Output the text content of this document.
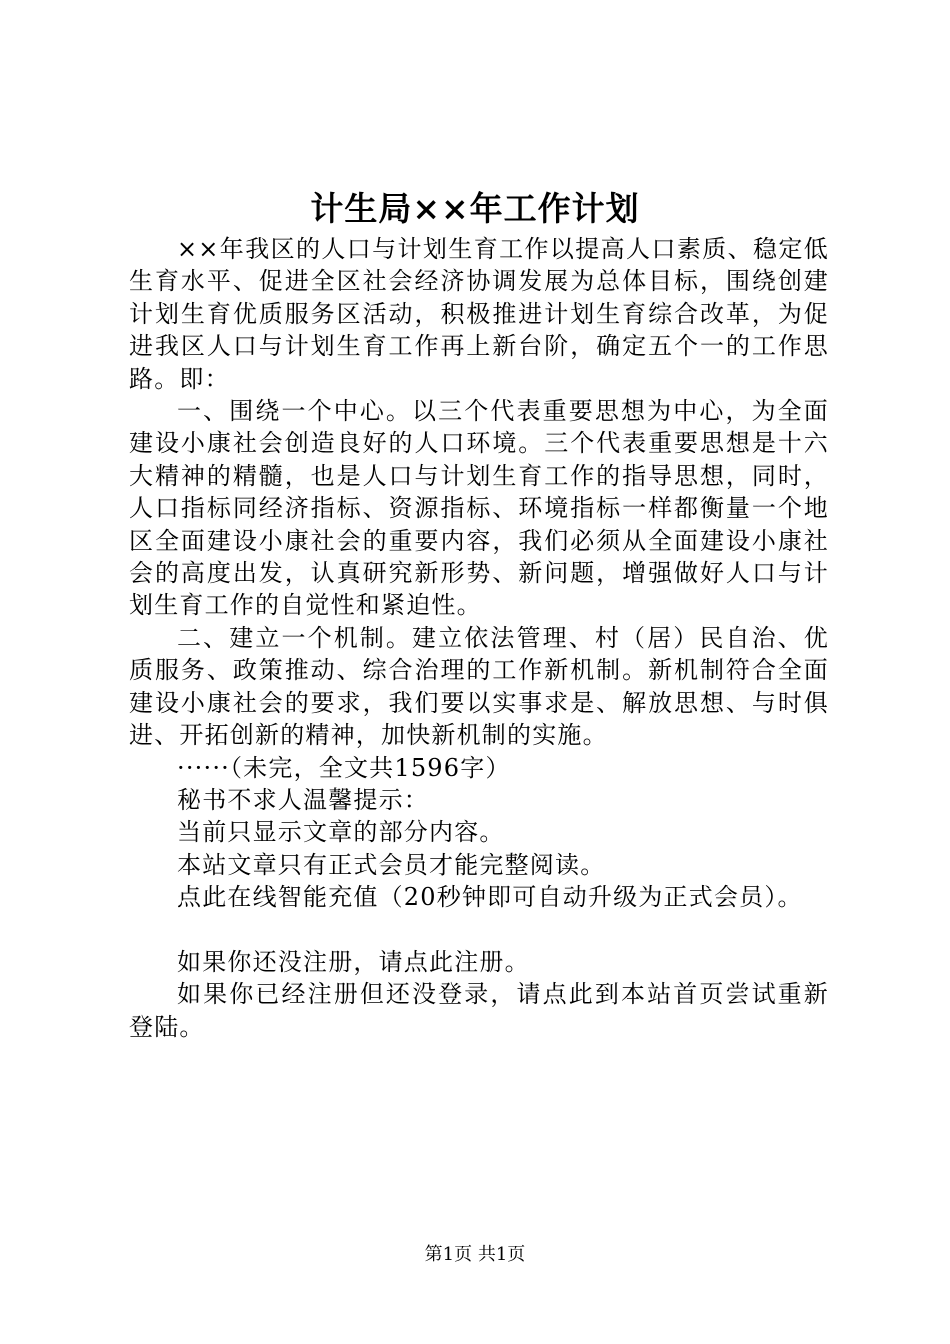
计生局××年工作计划

××年我区的人口与计划生育工作以提高人口素质、稳定低生育水平、促进全区社会经济协调发展为总体目标，围绕创建计划生育优质服务区活动，积极推进计划生育综合改革，为促进我区人口与计划生育工作再上新台阶，确定五个一的工作思路。即：

一、围绕一个中心。以三个代表重要思想为中心，为全面建设小康社会创造良好的人口环境。三个代表重要思想是十六大精神的精髓，也是人口与计划生育工作的指导思想，同时，人口指标同经济指标、资源指标、环境指标一样都衡量一个地区全面建设小康社会的重要内容，我们必须从全面建设小康社会的高度出发，认真研究新形势、新问题，增强做好人口与计划生育工作的自觉性和紧迫性。

二、建立一个机制。建立依法管理、村（居）民自治、优质服务、政策推动、综合治理的工作新机制。新机制符合全面建设小康社会的要求，我们要以实事求是、解放思想、与时俱进、开拓创新的精神，加快新机制的实施。

······（未完，全文共1596字）

秘书不求人温馨提示：

当前只显示文章的部分内容。

本站文章只有正式会员才能完整阅读。

点此在线智能充值（20秒钟即可自动升级为正式会员）。

如果你还没注册，请点此注册。

如果你已经注册但还没登录，请点此到本站首页尝试重新登陆。

第1页 共1页
